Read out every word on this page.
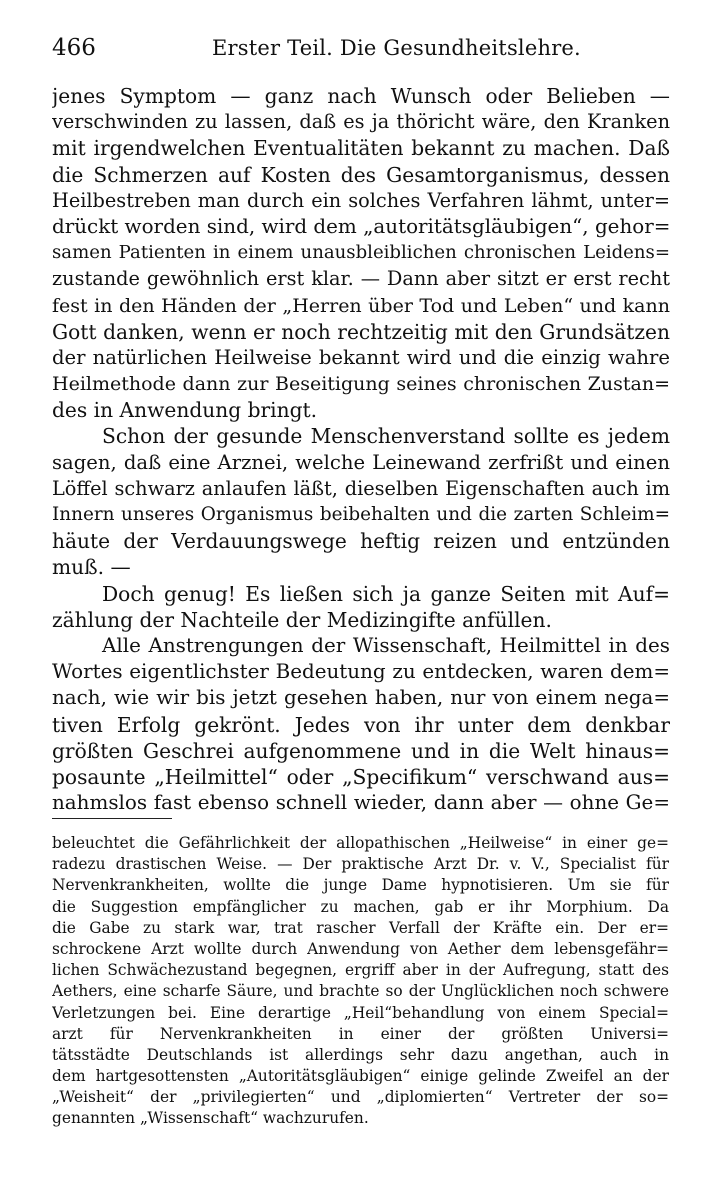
466	Erster Teil. Die Gesundheitslehre.
jenes Symptom — ganz nach Wunsch oder Belieben —
verschwinden zu lassen, daß es ja thöricht wäre, den Kranken
mit irgendwelchen Eventualitäten bekannt zu machen. Daß
die Schmerzen auf Kosten des Gesamtorganismus, dessen
Heilbestreben man durch ein solches Verfahren lähmt, unter=
drückt worden sind, wird dem „autoritätsgläubigen“, gehor=
samen Patienten in einem unausbleiblichen chronischen Leidens=
zustande gewöhnlich erst klar. — Dann aber sitzt er erst recht
fest in den Händen der „Herren über Tod und Leben“ und kann
Gott danken, wenn er noch rechtzeitig mit den Grundsätzen
der natürlichen Heilweise bekannt wird und die einzig wahre
Heilmethode dann zur Beseitigung seines chronischen Zustan=
des in Anwendung bringt.
Schon der gesunde Menschenverstand sollte es jedem
sagen, daß eine Arznei, welche Leinewand zerfrißt und einen
Löffel schwarz anlaufen läßt, dieselben Eigenschaften auch im
Innern unseres Organismus beibehalten und die zarten Schleim=
häute der Verdauungswege heftig reizen und entzünden
muß. —
Doch genug! Es ließen sich ja ganze Seiten mit Auf=
zählung der Nachteile der Medizingifte anfüllen.
Alle Anstrengungen der Wissenschaft, Heilmittel in des
Wortes eigentlichster Bedeutung zu entdecken, waren dem=
nach, wie wir bis jetzt gesehen haben, nur von einem nega=
tiven Erfolg gekrönt. Jedes von ihr unter dem denkbar
größten Geschrei aufgenommene und in die Welt hinaus=
posaunte „Heilmittel“ oder „Specifikum“ verschwand aus=
nahmslos fast ebenso schnell wieder, dann aber — ohne Ge=
beleuchtet die Gefährlichkeit der allopathischen „Heilweise“ in einer ge=
radezu drastischen Weise. — Der praktische Arzt Dr. v. V., Specialist für
Nervenkrankheiten, wollte die junge Dame hypnotisieren. Um sie für
die Suggestion empfänglicher zu machen, gab er ihr Morphium. Da
die Gabe zu stark war, trat rascher Verfall der Kräfte ein. Der er=
schrockene Arzt wollte durch Anwendung von Aether dem lebensgefähr=
lichen Schwächezustand begegnen, ergriff aber in der Aufregung, statt des
Aethers, eine scharfe Säure, und brachte so der Unglücklichen noch schwere
Verletzungen bei. Eine derartige „Heil“behandlung von einem Special=
arzt für Nervenkrankheiten in einer der größten Universi=
tätsstädte Deutschlands ist allerdings sehr dazu angethan, auch in
dem hartgesottensten „Autoritätsgläubigen“ einige gelinde Zweifel an der
„Weisheit“ der „privilegierten“ und „diplomierten“ Vertreter der so=
genannten „Wissenschaft“ wachzurufen.
